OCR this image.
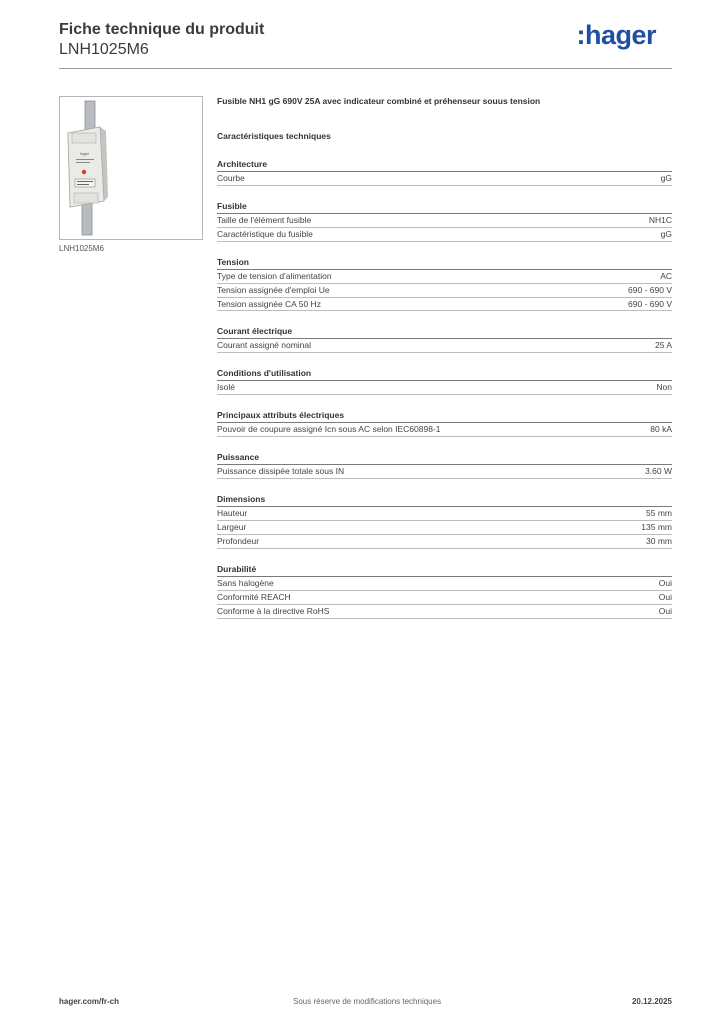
Fiche technique du produit
LNH1025M6	:hager
hager
LNH1025M6
Fusible NH1 gG 690V 25A avec indicateur combiné et préhenseur souus tension
Caractéristiques techniques
Architecture
Courbe	gG
Fusible
Taille de l'élément fusible	NH1C
Caractéristique du fusible	gG
Tension
Type de tension d'alimentation	AC
Tension assignée d'emploi Ue	690 - 690 V
Tension assignée CA 50 Hz	690 - 690 V
Courant électrique
Courant assigné nominal	25 A
Conditions d'utilisation
Isolé	Non
Principaux attributs électriques
Pouvoir de coupure assigné Icn sous AC selon IEC60898-1	80 kA
Puissance
Puissance dissipée totale sous IN	3.60 W
Dimensions
Hauteur	55 mm
Largeur	135 mm
Profondeur	30 mm
Durabilité
Sans halogène	Oui
Conformité REACH	Oui
Conforme à la directive RoHS	Oui
hager.com/fr-ch	Sous réserve de modifications techniques	20.12.2025
